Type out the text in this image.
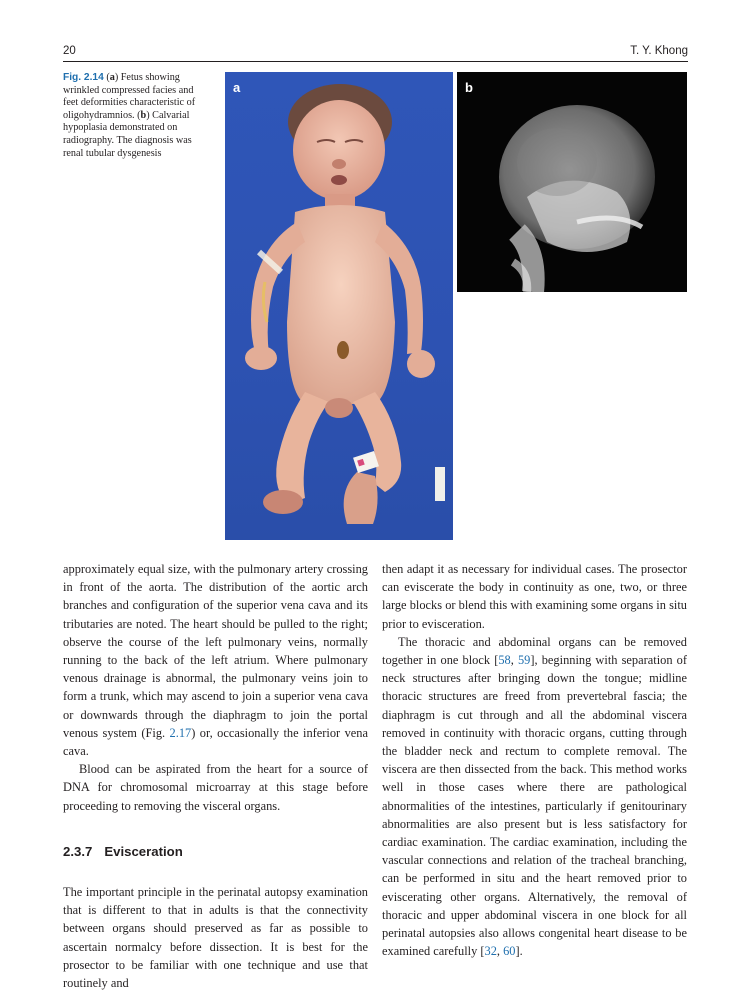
20	T. Y. Khong

Fig. 2.14 (a) Fetus showing wrinkled compressed facies and feet deformities characteristic of oligohydramnios. (b) Calvarial hypoplasia demonstrated on radiography. The diagnosis was renal tubular dysgenesis

a	b

approximately equal size, with the pulmonary artery crossing in front of the aorta. The distribution of the aortic arch branches and configuration of the superior vena cava and its tributaries are noted. The heart should be pulled to the right; observe the course of the left pulmonary veins, normally running to the back of the left atrium. Where pulmonary venous drainage is abnormal, the pulmonary veins join to form a trunk, which may ascend to join a superior vena cava or downwards through the diaphragm to join the portal venous system (Fig. 2.17) or, occasionally the inferior vena cava.

Blood can be aspirated from the heart for a source of DNA for chromosomal microarray at this stage before proceeding to removing the visceral organs.

2.3.7 Evisceration

The important principle in the perinatal autopsy examination that is different to that in adults is that the connectivity between organs should preserved as far as possible to ascertain normalcy before dissection. It is best for the prosector to be familiar with one technique and use that routinely and

then adapt it as necessary for individual cases. The prosector can eviscerate the body in continuity as one, two, or three large blocks or blend this with examining some organs in situ prior to evisceration.

The thoracic and abdominal organs can be removed together in one block [58, 59], beginning with separation of neck structures after bringing down the tongue; midline thoracic structures are freed from prevertebral fascia; the diaphragm is cut through and all the abdominal viscera removed in continuity with thoracic organs, cutting through the bladder neck and rectum to complete removal. The viscera are then dissected from the back. This method works well in those cases where there are pathological abnormalities of the intestines, particularly if genitourinary abnormalities are also present but is less satisfactory for cardiac examination. The cardiac examination, including the vascular connections and relation of the tracheal branching, can be performed in situ and the heart removed prior to eviscerating other organs. Alternatively, the removal of thoracic and upper abdominal viscera in one block for all perinatal autopsies also allows congenital heart disease to be examined carefully [32, 60].
